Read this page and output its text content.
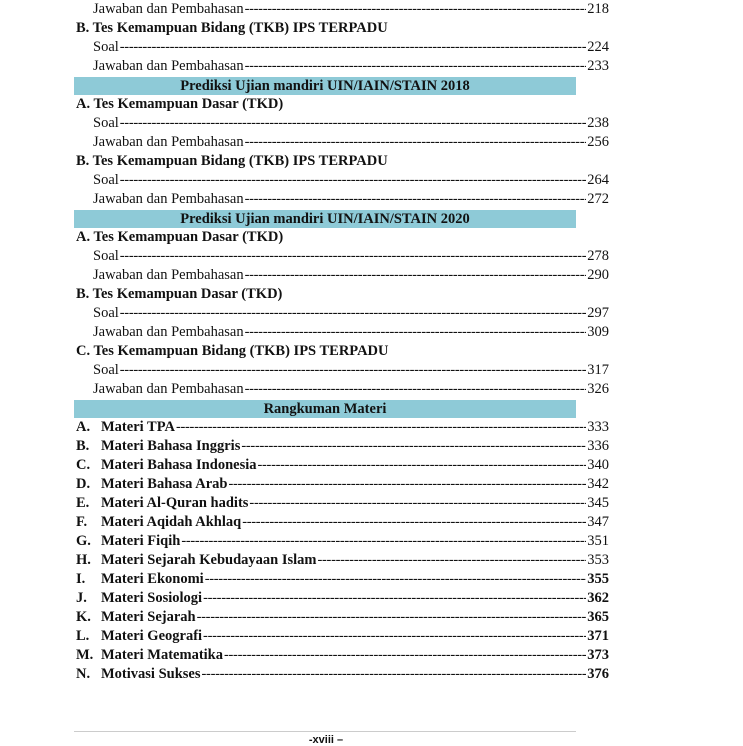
Jawaban dan Pembahasan -----	218
B. Tes Kemampuan Bidang (TKB) IPS TERPADU
Soal -----	224
Jawaban dan Pembahasan -----	233
Prediksi Ujian mandiri UIN/IAIN/STAIN 2018
A. Tes Kemampuan Dasar (TKD)
Soal -----	238
Jawaban dan Pembahasan -----	256
B. Tes Kemampuan Bidang (TKB) IPS TERPADU
Soal -----	264
Jawaban dan Pembahasan -----	272
Prediksi Ujian mandiri UIN/IAIN/STAIN 2020
A. Tes Kemampuan Dasar (TKD)
Soal -----	278
Jawaban dan Pembahasan -----	290
B. Tes Kemampuan Dasar (TKD)
Soal -----	297
Jawaban dan Pembahasan -----	309
C. Tes Kemampuan Bidang (TKB) IPS TERPADU
Soal -----	317
Jawaban dan Pembahasan -----	326
Rangkuman Materi
A. Materi TPA -----	333
B. Materi Bahasa Inggris -----	336
C. Materi Bahasa Indonesia -----	340
D. Materi Bahasa Arab -----	342
E. Materi Al-Quran hadits -----	345
F. Materi Aqidah Akhlaq -----	347
G. Materi Fiqih -----	351
H. Materi Sejarah Kebudayaan Islam -----	353
I.	Materi Ekonomi -----	355
J. Materi Sosiologi -----	362
K. Materi Sejarah -----	365
L. Materi Geografi -----	371
M. Materi Matematika -----	373
N. Motivasi Sukses -----	376
-xviii –
